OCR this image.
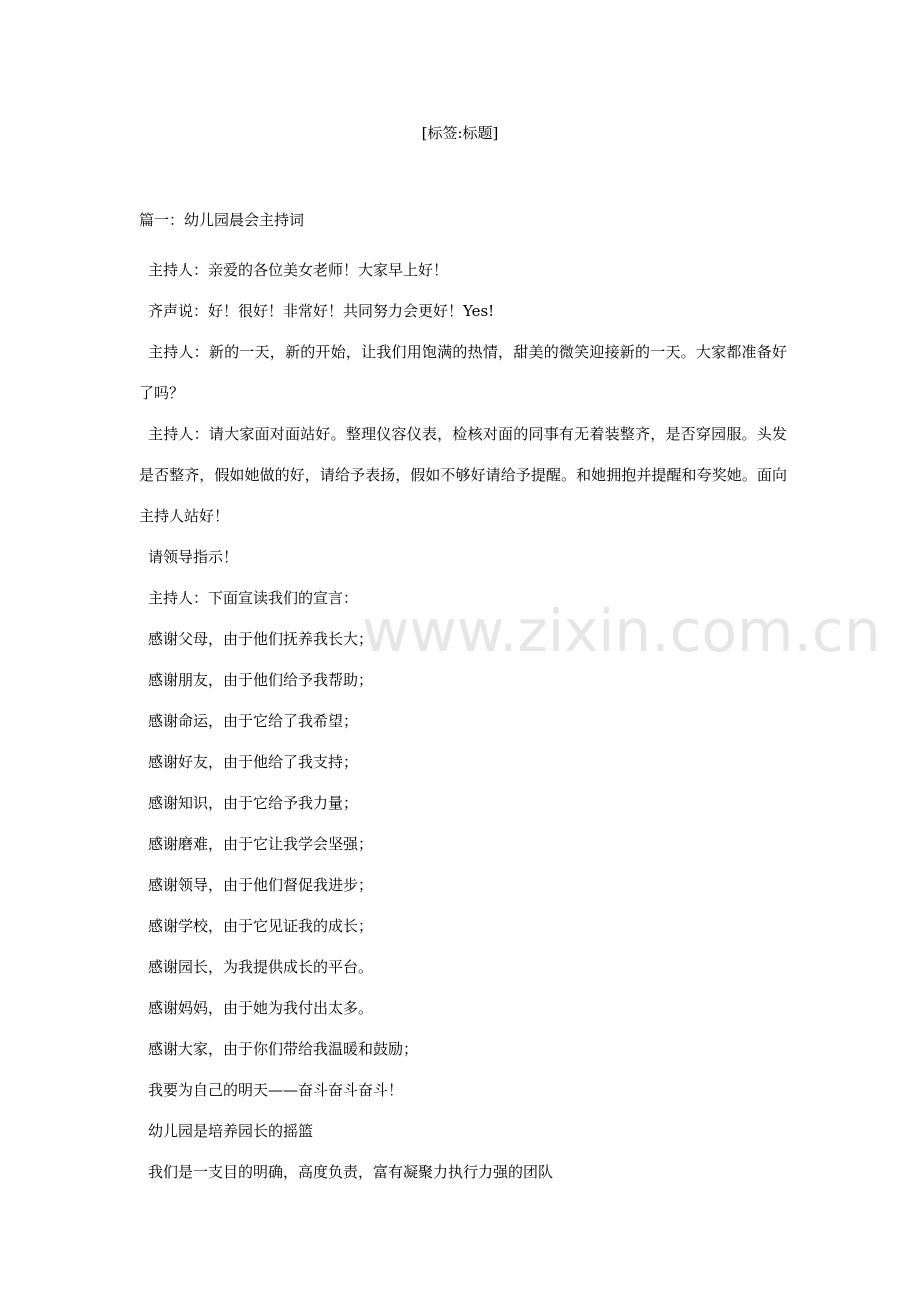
[标签:标题]

篇一：幼儿园晨会主持词

主持人：亲爱的各位美女老师！大家早上好！

齐声说：好！很好！非常好！共同努力会更好！Yes!

主持人：新的一天，新的开始，让我们用饱满的热情，甜美的微笑迎接新的一天。大家都准备好了吗？

主持人：请大家面对面站好。整理仪容仪表，检核对面的同事有无着装整齐，是否穿园服。头发是否整齐，假如她做的好，请给予表扬，假如不够好请给予提醒。和她拥抱并提醒和夸奖她。面向主持人站好！

请领导指示！

主持人：下面宣读我们的宣言：

感谢父母，由于他们抚养我长大；

感谢朋友，由于他们给予我帮助；

感谢命运，由于它给了我希望；

感谢好友，由于他给了我支持；

感谢知识，由于它给予我力量；

感谢磨难，由于它让我学会坚强；

感谢领导，由于他们督促我进步；

感谢学校，由于它见证我的成长；

感谢园长，为我提供成长的平台。

感谢妈妈，由于她为我付出太多。

感谢大家，由于你们带给我温暖和鼓励；

我要为自己的明天——奋斗奋斗奋斗！

幼儿园是培养园长的摇篮

我们是一支目的明确，高度负责，富有凝聚力执行力强的团队

www.zixin.com.cn
